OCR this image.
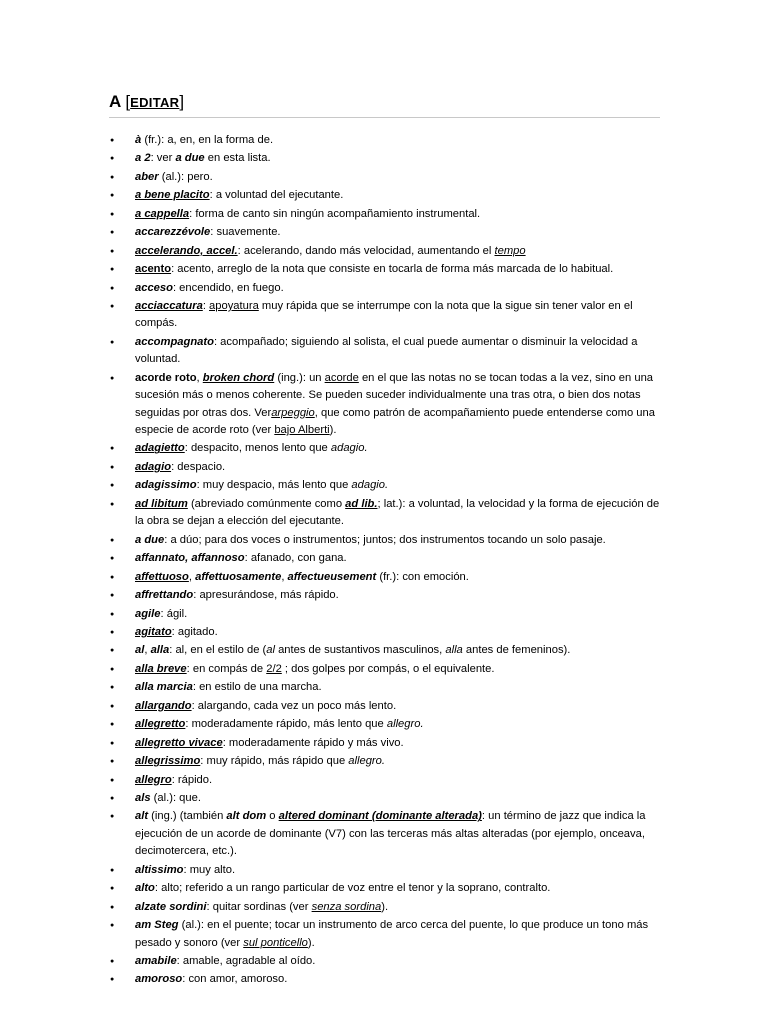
A [EDITAR]
● à (fr.): a, en, en la forma de.
● a 2: ver a due en esta lista.
● aber (al.): pero.
● a bene placito: a voluntad del ejecutante.
● a cappella: forma de canto sin ningún acompañamiento instrumental.
● accarezzévole: suavemente.
● accelerando, accel.: acelerando, dando más velocidad, aumentando el tempo
● acento: acento, arreglo de la nota que consiste en tocarla de forma más marcada de lo habitual.
● acceso: encendido, en fuego.
● acciaccatura: apoyatura muy rápida que se interrumpe con la nota que la sigue sin tener valor en el compás.
● accompagnato: acompañado; siguiendo al solista, el cual puede aumentar o disminuir la velocidad a voluntad.
● acorde roto, broken chord (ing.): un acorde en el que las notas no se tocan todas a la vez, sino en una sucesión más o menos coherente. Se pueden suceder individualmente una tras otra, o bien dos notas seguidas por otras dos. Verarpeggio, que como patrón de acompañamiento puede entenderse como una especie de acorde roto (ver bajo Alberti).
● adagietto: despacito, menos lento que adagio.
● adagio: despacio.
● adagissimo: muy despacio, más lento que adagio.
● ad libitum (abreviado comúnmente como ad lib.; lat.): a voluntad, la velocidad y la forma de ejecución de la obra se dejan a elección del ejecutante.
● a due: a dúo; para dos voces o instrumentos; juntos; dos instrumentos tocando un solo pasaje.
● affannato, affannoso: afanado, con gana.
● affettuoso, affettuosamente, affectueusement (fr.): con emoción.
● affrettando: apresurándose, más rápido.
● agile: ágil.
● agitato: agitado.
● al, alla: al, en el estilo de (al antes de sustantivos masculinos, alla antes de femeninos).
● alla breve: en compás de 2/2 ; dos golpes por compás, o el equivalente.
● alla marcia: en estilo de una marcha.
● allargando: alargando, cada vez un poco más lento.
● allegretto: moderadamente rápido, más lento que allegro.
● allegretto vivace: moderadamente rápido y más vivo.
● allegrissimo: muy rápido, más rápido que allegro.
● allegro: rápido.
● als (al.): que.
● alt (ing.) (también alt dom o altered dominant (dominante alterada): un término de jazz que indica la ejecución de un acorde de dominante (V7) con las terceras más altas alteradas (por ejemplo, onceava, decimotercera, etc.).
● altissimo: muy alto.
● alto: alto; referido a un rango particular de voz entre el tenor y la soprano, contralto.
● alzate sordini: quitar sordinas (ver senza sordina).
● am Steg (al.): en el puente; tocar un instrumento de arco cerca del puente, lo que produce un tono más pesado y sonoro (ver sul ponticello).
● amabile: amable, agradable al oído.
● amoroso: con amor, amoroso.
